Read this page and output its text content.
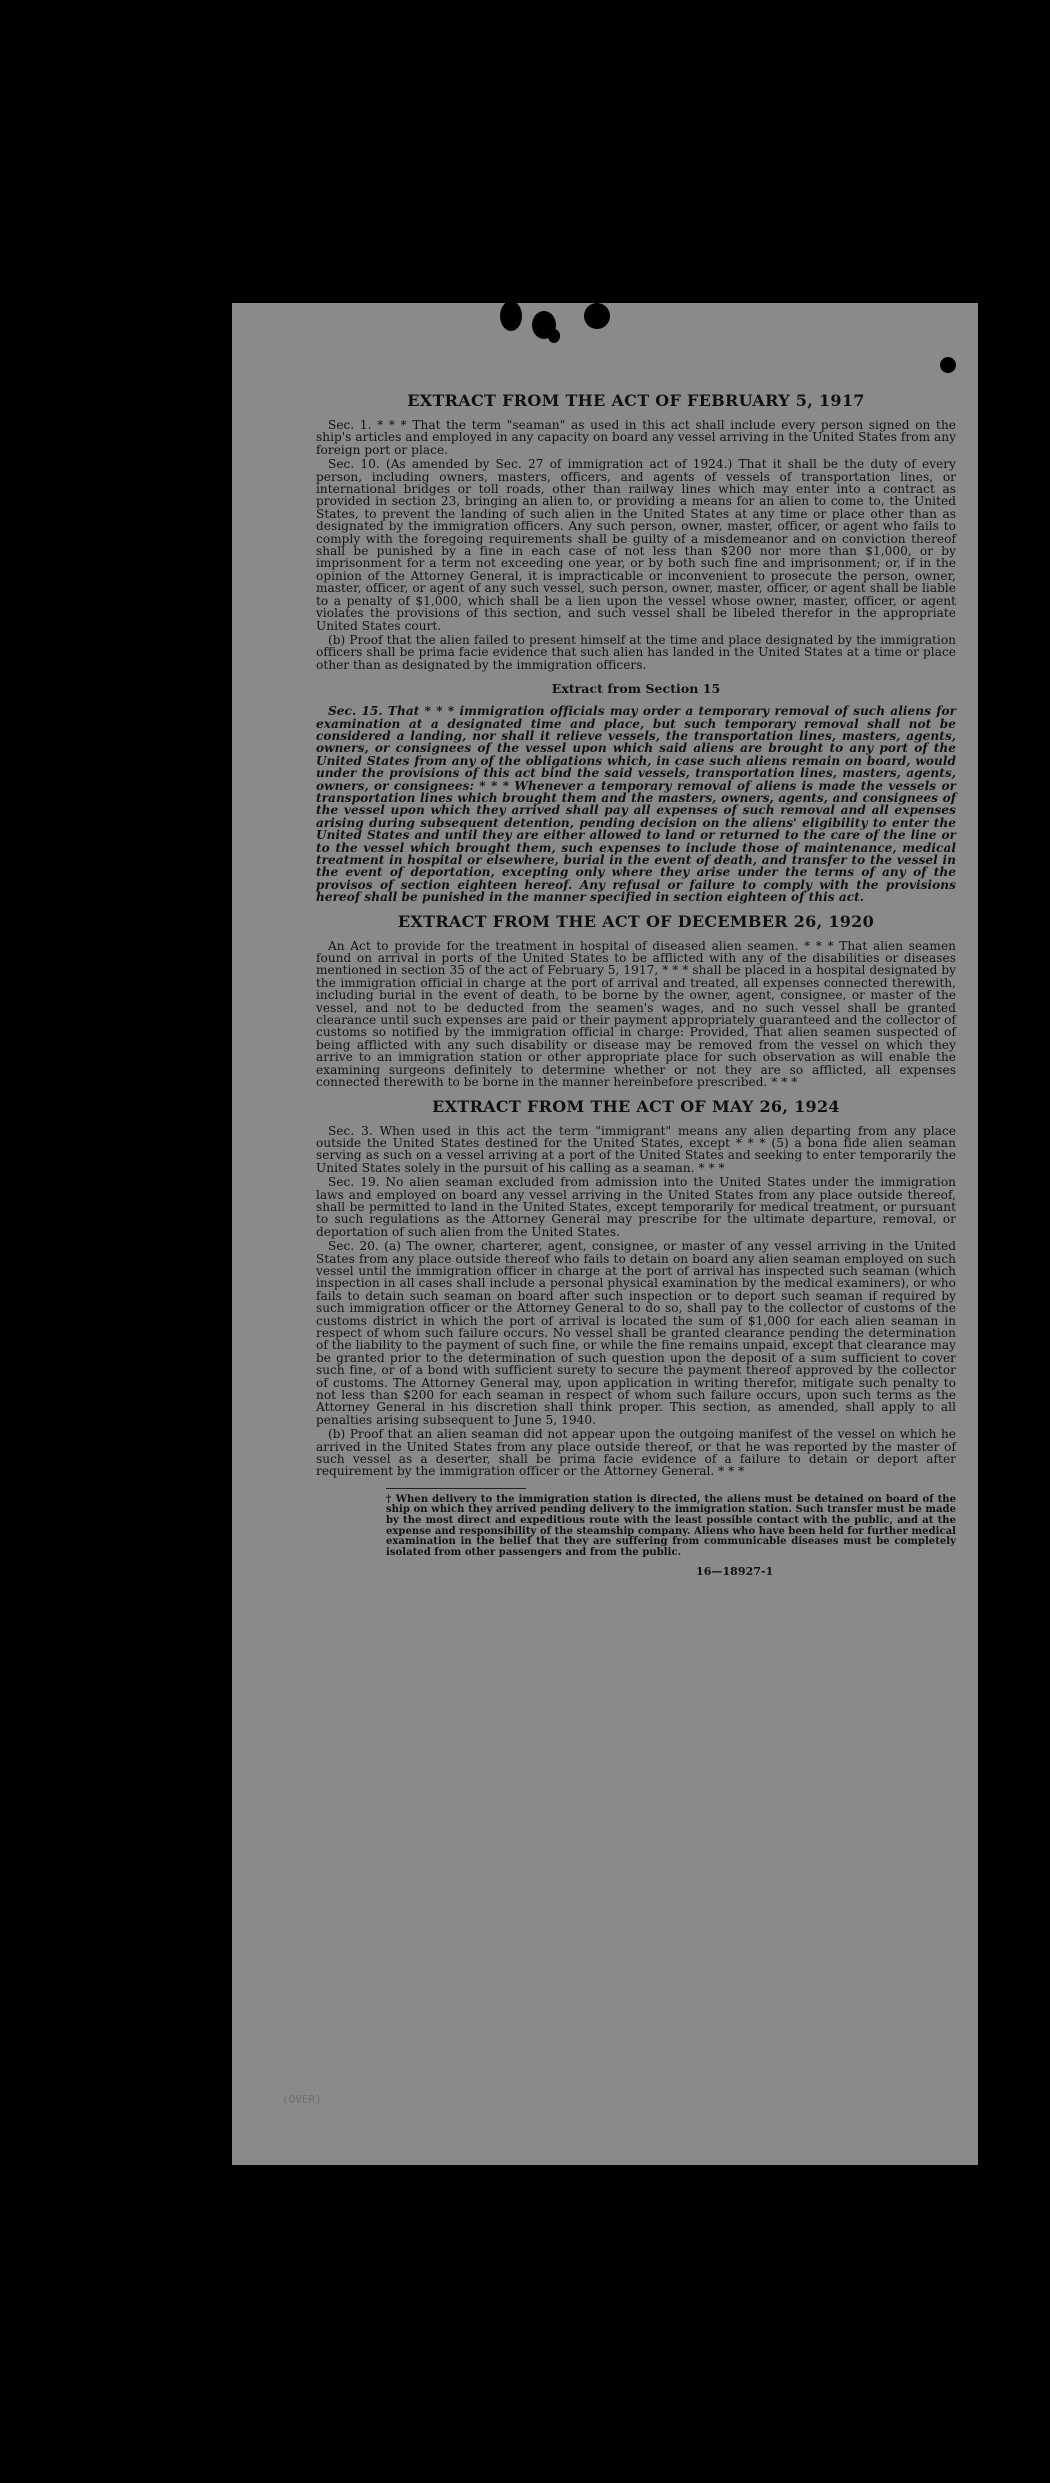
EXTRACT FROM THE ACT OF FEBRUARY 5, 1917

Sec. 1. * * * That the term "seaman" as used in this act shall include every person signed on the ship's articles and employed in any capacity on board any vessel arriving in the United States from any foreign port or place.

Sec. 10. (As amended by Sec. 27 of immigration act of 1924.) That it shall be the duty of every person, including owners, masters, officers, and agents of vessels of transportation lines, or international bridges or toll roads, other than railway lines which may enter into a contract as provided in section 23, bringing an alien to, or providing a means for an alien to come to, the United States, to prevent the landing of such alien in the United States at any time or place other than as designated by the immigration officers. Any such person, owner, master, officer, or agent who fails to comply with the foregoing requirements shall be guilty of a misdemeanor and on conviction thereof shall be punished by a fine in each case of not less than $200 nor more than $1,000, or by imprisonment for a term not exceeding one year, or by both such fine and imprisonment; or, if in the opinion of the Attorney General, it is impracticable or inconvenient to prosecute the person, owner, master, officer, or agent of any such vessel, such person, owner, master, officer, or agent shall be liable to a penalty of $1,000, which shall be a lien upon the vessel whose owner, master, officer, or agent violates the provisions of this section, and such vessel shall be libeled therefor in the appropriate United States court.

(b) Proof that the alien failed to present himself at the time and place designated by the immigration officers shall be prima facie evidence that such alien has landed in the United States at a time or place other than as designated by the immigration officers.

Extract from Section 15

Sec. 15. That * * * immigration officials may order a temporary removal of such aliens for examination at a designated time and place, but such temporary removal shall not be considered a landing, nor shall it relieve vessels, the transportation lines, masters, agents, owners, or consignees of the vessel upon which said aliens are brought to any port of the United States from any of the obligations which, in case such aliens remain on board, would under the provisions of this act bind the said vessels, transportation lines, masters, agents, owners, or consignees: * * * Whenever a temporary removal of aliens is made the vessels or transportation lines which brought them and the masters, owners, agents, and consignees of the vessel upon which they arrived shall pay all expenses of such removal and all expenses arising during subsequent detention, pending decision on the aliens' eligibility to enter the United States and until they are either allowed to land or returned to the care of the line or to the vessel which brought them, such expenses to include those of maintenance, medical treatment in hospital or elsewhere, burial in the event of death, and transfer to the vessel in the event of deportation, excepting only where they arise under the terms of any of the provisos of section eighteen hereof. Any refusal or failure to comply with the provisions hereof shall be punished in the manner specified in section eighteen of this act.

EXTRACT FROM THE ACT OF DECEMBER 26, 1920

An Act to provide for the treatment in hospital of diseased alien seamen. * * * That alien seamen found on arrival in ports of the United States to be afflicted with any of the disabilities or diseases mentioned in section 35 of the act of February 5, 1917, * * * shall be placed in a hospital designated by the immigration official in charge at the port of arrival and treated, all expenses connected therewith, including burial in the event of death, to be borne by the owner, agent, consignee, or master of the vessel, and not to be deducted from the seamen's wages, and no such vessel shall be granted clearance until such expenses are paid or their payment appropriately guaranteed and the collector of customs so notified by the immigration official in charge: Provided, That alien seamen suspected of being afflicted with any such disability or disease may be removed from the vessel on which they arrive to an immigration station or other appropriate place for such observation as will enable the examining surgeons definitely to determine whether or not they are so afflicted, all expenses connected therewith to be borne in the manner hereinbefore prescribed. * * *

EXTRACT FROM THE ACT OF MAY 26, 1924

Sec. 3. When used in this act the term "immigrant" means any alien departing from any place outside the United States destined for the United States, except * * * (5) a bona fide alien seaman serving as such on a vessel arriving at a port of the United States and seeking to enter temporarily the United States solely in the pursuit of his calling as a seaman. * * *

Sec. 19. No alien seaman excluded from admission into the United States under the immigration laws and employed on board any vessel arriving in the United States from any place outside thereof, shall be permitted to land in the United States, except temporarily for medical treatment, or pursuant to such regulations as the Attorney General may prescribe for the ultimate departure, removal, or deportation of such alien from the United States.

Sec. 20. (a) The owner, charterer, agent, consignee, or master of any vessel arriving in the United States from any place outside thereof who fails to detain on board any alien seaman employed on such vessel until the immigration officer in charge at the port of arrival has inspected such seaman (which inspection in all cases shall include a personal physical examination by the medical examiners), or who fails to detain such seaman on board after such inspection or to deport such seaman if required by such immigration officer or the Attorney General to do so, shall pay to the collector of customs of the customs district in which the port of arrival is located the sum of $1,000 for each alien seaman in respect of whom such failure occurs. No vessel shall be granted clearance pending the determination of the liability to the payment of such fine, or while the fine remains unpaid, except that clearance may be granted prior to the determination of such question upon the deposit of a sum sufficient to cover such fine, or of a bond with sufficient surety to secure the payment thereof approved by the collector of customs. The Attorney General may, upon application in writing therefor, mitigate such penalty to not less than $200 for each seaman in respect of whom such failure occurs, upon such terms as the Attorney General in his discretion shall think proper. This section, as amended, shall apply to all penalties arising subsequent to June 5, 1940.

(b) Proof that an alien seaman did not appear upon the outgoing manifest of the vessel on which he arrived in the United States from any place outside thereof, or that he was reported by the master of such vessel as a deserter, shall be prima facie evidence of a failure to detain or deport after requirement by the immigration officer or the Attorney General. * * *

† When delivery to the immigration station is directed, the aliens must be detained on board of the ship on which they arrived pending delivery to the immigration station. Such transfer must be made by the most direct and expeditious route with the least possible contact with the public, and at the expense and responsibility of the steamship company. Aliens who have been held for further medical examination in the belief that they are suffering from communicable diseases must be completely isolated from other passengers and from the public.
16—18927-1
(OVER)
